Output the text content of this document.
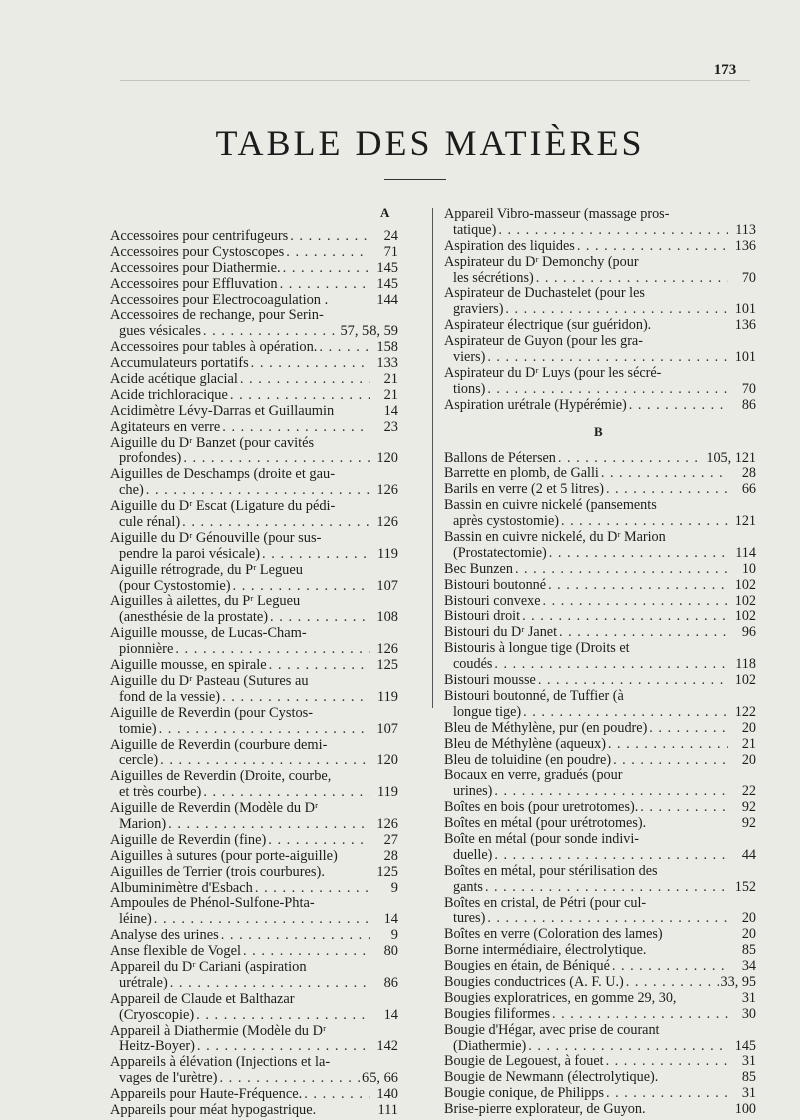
173
TABLE DES MATIÈRES
A
Accessoires pour centrifugeurs . . .	24
Accessoires pour Cystoscopes . . .	71
Accessoires pour Diathermie. . . .	145
Accessoires pour Effluvation . . .	145
Accessoires pour Electrocoagulation .	144
Accessoires de rechange, pour Serin-
gues vésicales . . .	57, 58, 59
Accessoires pour tables à opération. . . .	158
Accumulateurs portatifs . . .	133
Acide acétique glacial . . .	21
Acide trichloracique . . .	21
Acidimètre Lévy-Darras et Guillaumin	14
Agitateurs en verre . . .	23
Aiguille du Dʳ Banzet (pour cavités
profondes) . . .	120
Aiguilles de Deschamps (droite et gau-
che) . . .	126
Aiguille du Dʳ Escat (Ligature du pédi-
cule rénal) . . .	126
Aiguille du Dʳ Génouville (pour sus-
pendre la paroi vésicale) . . .	119
Aiguille rétrograde, du Pʳ Legueu
(pour Cystostomie) . . .	107
Aiguilles à ailettes, du Pʳ Legueu
(anesthésie de la prostate) . . .	108
Aiguille mousse, de Lucas-Cham-
pionnière . . .	126
Aiguille mousse, en spirale . . .	125
Aiguille du Dʳ Pasteau (Sutures au
fond de la vessie) . . .	119
Aiguille de Reverdin (pour Cystos-
tomie) . . .	107
Aiguille de Reverdin (courbure demi-
cercle) . . .	120
Aiguilles de Reverdin (Droite, courbe,
et très courbe) . . .	119
Aiguille de Reverdin (Modèle du Dʳ
Marion) . . .	126
Aiguille de Reverdin (fine) . . .	27
Aiguilles à sutures (pour porte-aiguille)	28
Aiguilles de Terrier (trois courbures).	125
Albuminimètre d'Esbach . . .	9
Ampoules de Phénol-Sulfone-Phta-
léine) . . .	14
Analyse des urines . . .	9
Anse flexible de Vogel . . .	80
Appareil du Dʳ Cariani (aspiration
urétrale) . . .	86
Appareil de Claude et Balthazar
(Cryoscopie) . . .	14
Appareil à Diathermie (Modèle du Dʳ
Heitz-Boyer) . . .	142
Appareils à élévation (Injections et la-
vages de l'urètre) . . .	65, 66
Appareils pour Haute-Fréquence. . . .	140
Appareils pour méat hypogastrique.	111
Appareil Vibro-masseur (massage pros-
tatique) . . .	113
Aspiration des liquides . . .	136
Aspirateur du Dʳ Demonchy (pour
les sécrétions) . . .	70
Aspirateur de Duchastelet (pour les
graviers) . . .	101
Aspirateur électrique (sur guéridon).	136
Aspirateur de Guyon (pour les gra-
viers) . . .	101
Aspirateur du Dʳ Luys (pour les sécré-
tions) . . .	70
Aspiration urétrale (Hypérémie) . . .	86
B
Ballons de Pétersen . . .	105, 121
Barrette en plomb, de Galli . . .	28
Barils en verre (2 et 5 litres) . . .	66
Bassin en cuivre nickelé (pansements
après cystostomie) . . .	121
Bassin en cuivre nickelé, du Dʳ Marion
(Prostatectomie) . . .	114
Bec Bunzen . . .	10
Bistouri boutonné . . .	102
Bistouri convexe . . .	102
Bistouri droit . . .	102
Bistouri du Dʳ Janet . . .	96
Bistouris à longue tige (Droits et
coudés . . .	118
Bistouri mousse . . .	102
Bistouri boutonné, de Tuffier (à
longue tige) . . .	122
Bleu de Méthylène, pur (en poudre) . . .	20
Bleu de Méthylène (aqueux) . . .	21
Bleu de toluidine (en poudre) . . .	20
Bocaux en verre, gradués (pour
urines) . . .	22
Boîtes en bois (pour uretrotomes). . . .	92
Boîtes en métal (pour urétrotomes).	92
Boîte en métal (pour sonde indivi-
duelle) . . .	44
Boîtes en métal, pour stérilisation des
gants . . .	152
Boîtes en cristal, de Pétri (pour cul-
tures) . . .	20
Boîtes en verre (Coloration des lames)	20
Borne intermédiaire, électrolytique.	85
Bougies en étain, de Béniqué . . .	34
Bougies conductrices (A. F. U.) . . .	33, 95
Bougies exploratrices, en gomme 29, 30,	31
Bougies filiformes . . .	30
Bougie d'Hégar, avec prise de courant
(Diathermie) . . .	145
Bougie de Legouest, à fouet . . .	31
Bougie de Newmann (électrolytique).	85
Bougie conique, de Philipps . . .	31
Brise-pierre explorateur, de Guyon.	100
